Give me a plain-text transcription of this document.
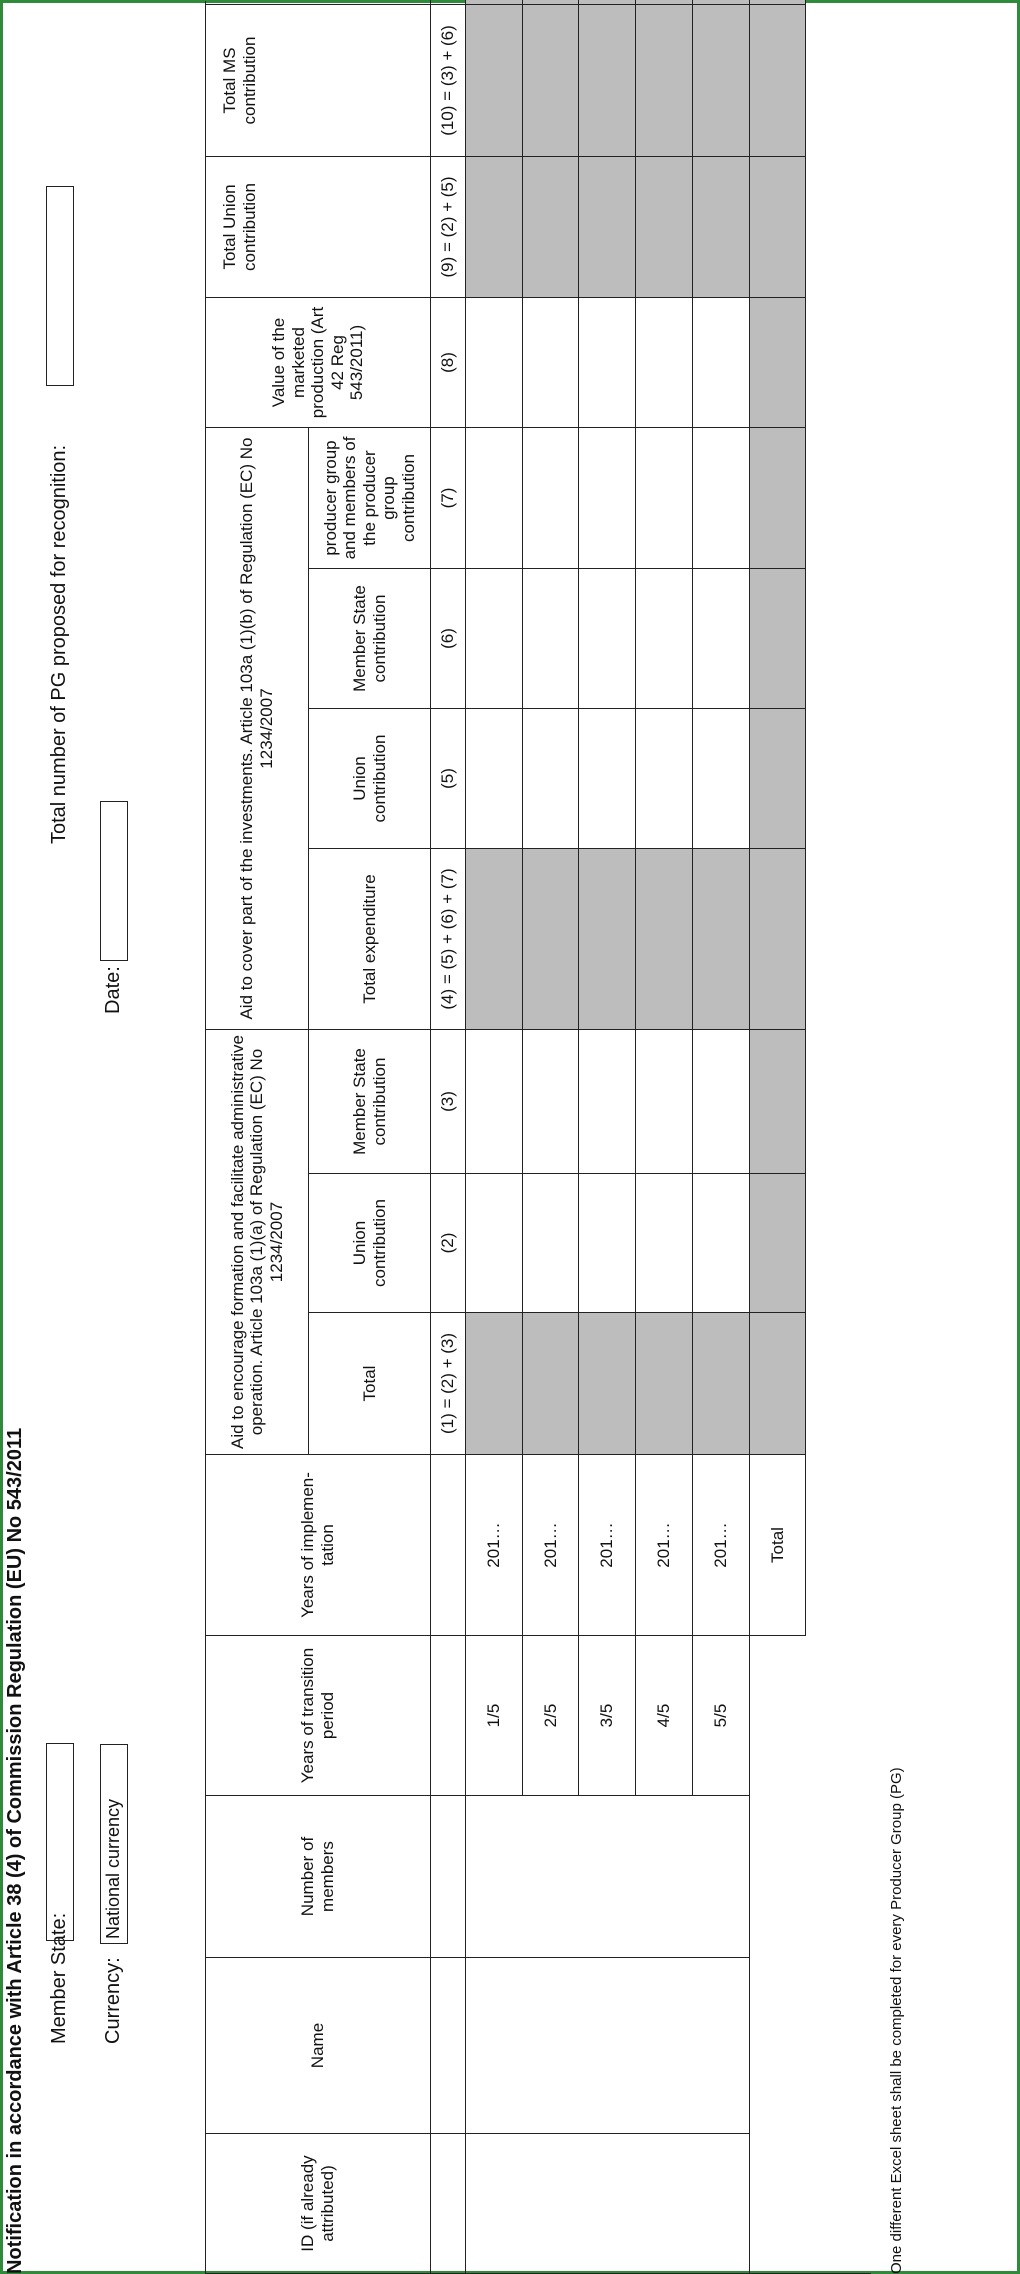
Notification in accordance with Article 38 (4) of Commission Regulation (EU) No 543/2011 Member State: Currency:
National currency
Date:
Total number of PG proposed for recognition:
ID (if already attributed)
Name
Number of members
Years of transition period
Years of implemen-tation
Aid to encourage formation and facilitate administrative operation. Article 103a (1)(a) of Regulation (EC) No 1234/2007
Total
Union contribution
Member State contribution
Aid to cover part of the investments. Article 103a (1)(b) of Regulation (EC) No 1234/2007
Total expenditure
Union contribution
Member State contribution
producer group and members of the producer group contribution
Value of the marketed production (Art 42 Reg 543/2011)
Total Union contribution
Total MS contribution
(1) = (2) + (3)
(2)
(3)
(4) = (5) + (6) + (7)
(5)
(6)
(7)
(8)
(9) = (2) + (5)
(10) = (3) + (6)
1/5
201…
2/5
201…
3/5
201…
4/5
201…
5/5
201…	Total
One different Excel sheet shall be completed for every Producer Group (PG)
